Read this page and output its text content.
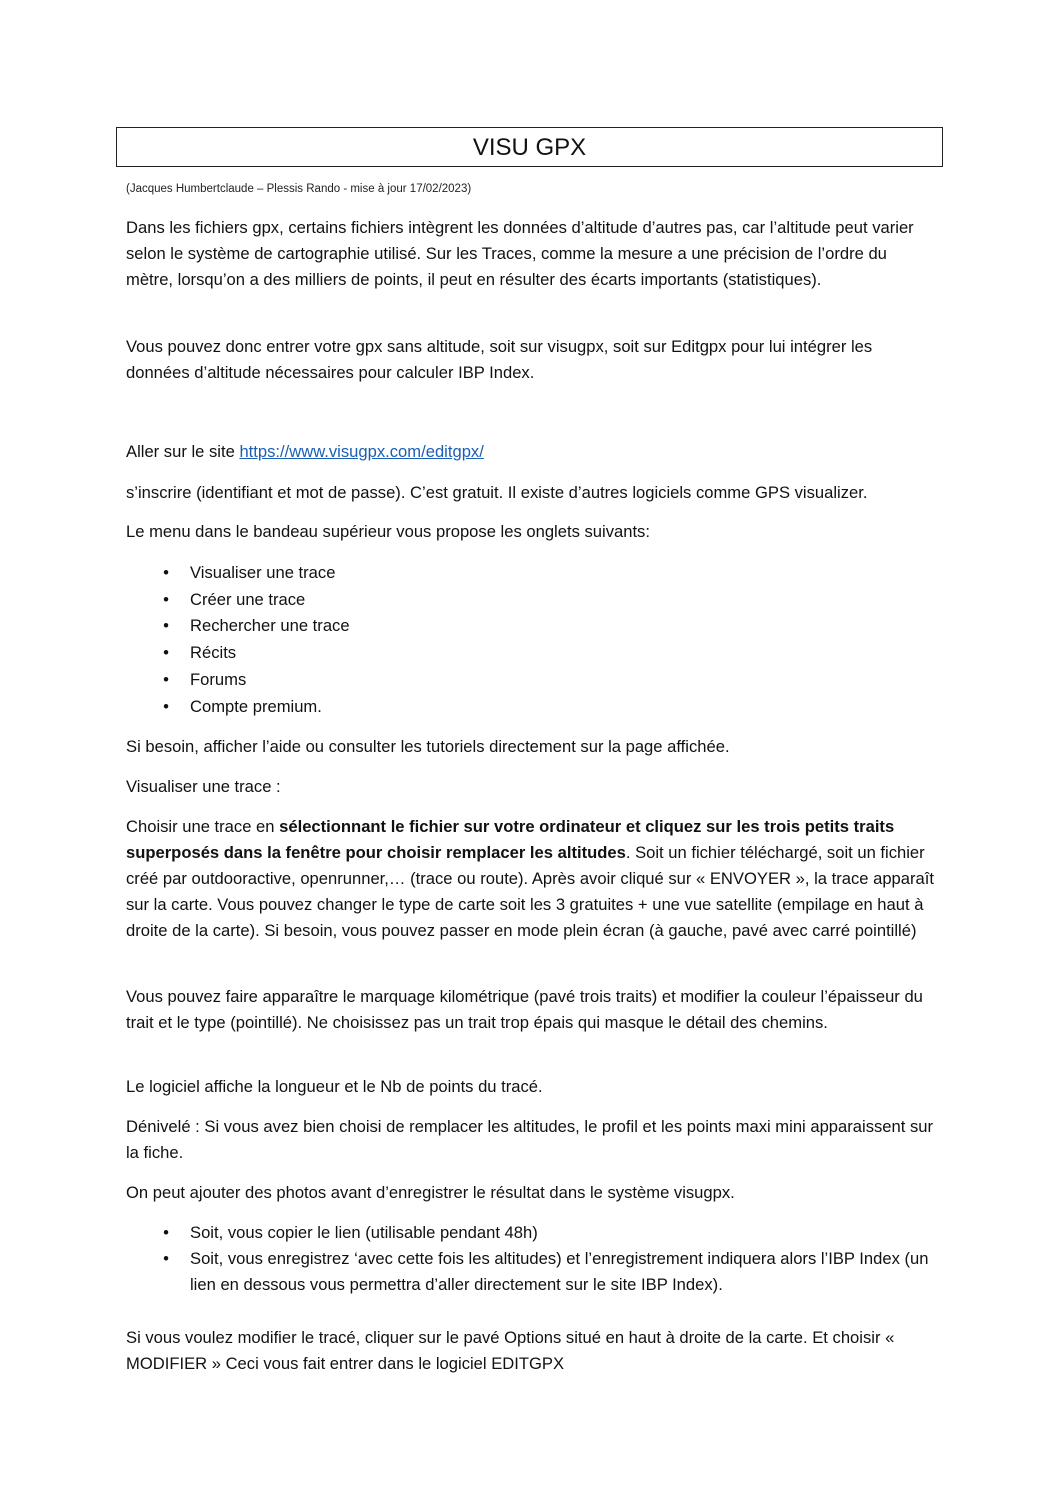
VISU GPX
(Jacques Humbertclaude – Plessis Rando - mise à jour 17/02/2023)

Dans les fichiers gpx, certains fichiers intègrent les données d’altitude d’autres pas, car l’altitude peut varier selon le système de cartographie utilisé. Sur les Traces, comme la mesure a une précision de l’ordre du mètre, lorsqu’on a des milliers de points, il peut en résulter des écarts importants (statistiques).

Vous pouvez donc entrer votre gpx sans altitude, soit sur visugpx, soit sur Editgpx pour lui intégrer les données d’altitude nécessaires pour calculer IBP Index.

Aller sur le site https://www.visugpx.com/editgpx/

s’inscrire (identifiant et mot de passe). C’est gratuit. Il existe d’autres logiciels comme GPS visualizer.

Le menu dans le bandeau supérieur vous propose les onglets suivants:

• Visualiser une trace
• Créer une trace
• Rechercher une trace
• Récits
• Forums
• Compte premium.

Si besoin, afficher l’aide ou consulter les tutoriels directement sur la page affichée.

Visualiser une trace :

Choisir une trace en sélectionnant le fichier sur votre ordinateur et cliquez sur les trois petits traits superposés dans la fenêtre pour choisir remplacer les altitudes. Soit un fichier téléchargé, soit un fichier créé par outdooractive, openrunner,… (trace ou route). Après avoir cliqué sur « ENVOYER », la trace apparaît sur la carte. Vous pouvez changer le type de carte soit les 3 gratuites + une vue satellite (empilage en haut à droite de la carte). Si besoin, vous pouvez passer en mode plein écran (à gauche, pavé avec carré pointillé)

Vous pouvez faire apparaître le marquage kilométrique (pavé trois traits) et modifier la couleur l’épaisseur du trait et le type (pointillé). Ne choisissez pas un trait trop épais qui masque le détail des chemins.

Le logiciel affiche la longueur et le Nb de points du tracé.

Dénivelé : Si vous avez bien choisi de remplacer les altitudes, le profil et les points maxi mini apparaissent sur la fiche.

On peut ajouter des photos avant d’enregistrer le résultat dans le système visugpx.

• Soit, vous copier le lien (utilisable pendant 48h)
• Soit, vous enregistrez ‘avec cette fois les altitudes) et l’enregistrement indiquera alors l’IBP Index (un lien en dessous vous permettra d’aller directement sur le site IBP Index).

Si vous voulez modifier le tracé, cliquer sur le pavé Options situé en haut à droite de la carte. Et choisir « MODIFIER » Ceci vous fait entrer dans le logiciel EDITGPX
